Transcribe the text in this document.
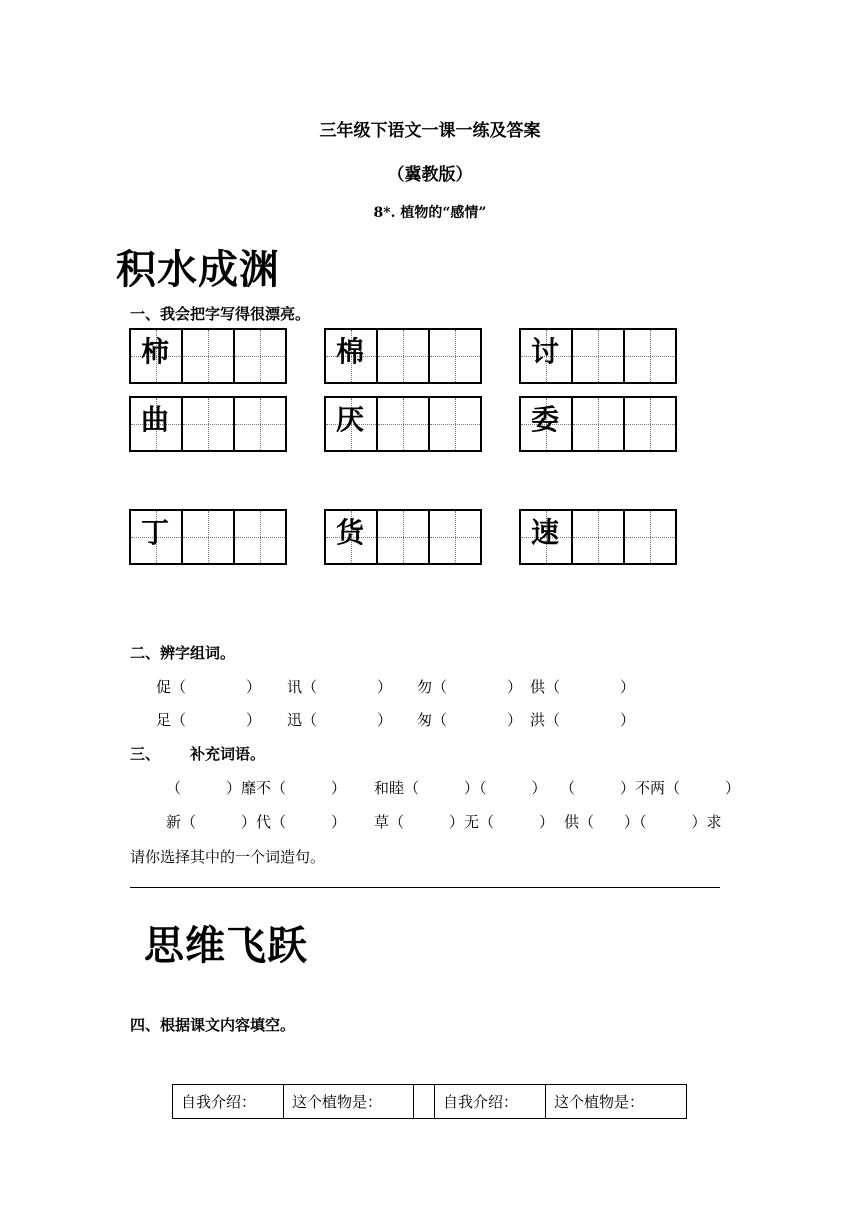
三年级下语文一课一练及答案
（冀教版）
8*. 植物的“感情”
积水成渊
一、我会把字写得很漂亮。
柿	棉	讨
曲	厌	委
丁	货	速
二、辨字组词。
促（　　　　） 讯（　　　　） 勿（　　　　） 供（　　　　）
足（　　　　） 迅（　　　　） 匆（　　　　） 洪（　　　　）
三、 补充词语。
（　　　）靡不（　　　） 和睦（　　　）（　　　） （　　　）不两（　　　）
新（　　　）代（　　　） 草（　　　）无（　　　） 供（　　）（　　　）求
请你选择其中的一个词造句。
思维飞跃
四、根据课文内容填空。
自我介绍：	这个植物是：		自我介绍：	这个植物是：
